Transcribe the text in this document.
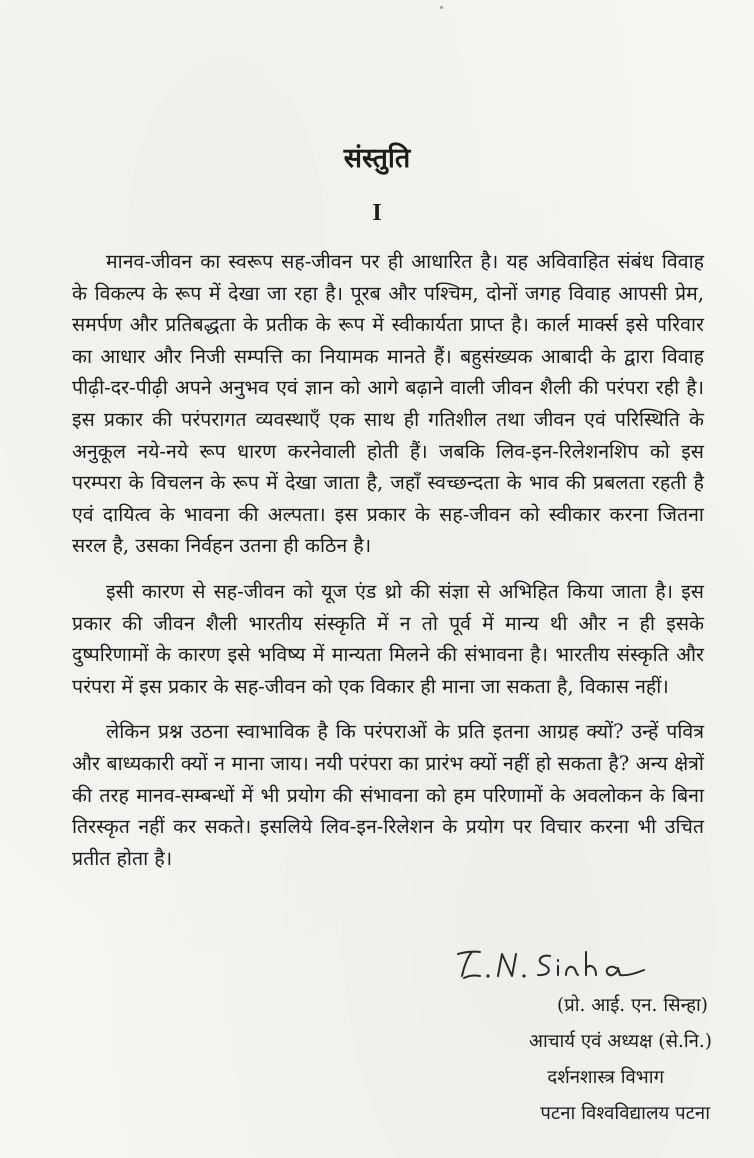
संस्तुति
I

मानव-जीवन का स्वरूप सह-जीवन पर ही आधारित है। यह अविवाहित संबंध विवाह के विकल्प के रूप में देखा जा रहा है। पूरब और पश्चिम, दोनों जगह विवाह आपसी प्रेम, समर्पण और प्रतिबद्धता के प्रतीक के रूप में स्वीकार्यता प्राप्त है। कार्ल मार्क्स इसे परिवार का आधार और निजी सम्पत्ति का नियामक मानते हैं। बहुसंख्यक आबादी के द्वारा विवाह पीढ़ी-दर-पीढ़ी अपने अनुभव एवं ज्ञान को आगे बढ़ाने वाली जीवन शैली की परंपरा रही है। इस प्रकार की परंपरागत व्यवस्थाएँ एक साथ ही गतिशील तथा जीवन एवं परिस्थिति के अनुकूल नये-नये रूप धारण करनेवाली होती हैं। जबकि लिव-इन-रिलेशनशिप को इस परम्परा के विचलन के रूप में देखा जाता है, जहाँ स्वच्छन्दता के भाव की प्रबलता रहती है एवं दायित्व के भावना की अल्पता। इस प्रकार के सह-जीवन को स्वीकार करना जितना सरल है, उसका निर्वहन उतना ही कठिन है।

इसी कारण से सह-जीवन को यूज एंड थ्रो की संज्ञा से अभिहित किया जाता है। इस प्रकार की जीवन शैली भारतीय संस्कृति में न तो पूर्व में मान्य थी और न ही इसके दुष्परिणामों के कारण इसे भविष्य में मान्यता मिलने की संभावना है। भारतीय संस्कृति और परंपरा में इस प्रकार के सह-जीवन को एक विकार ही माना जा सकता है, विकास नहीं।

लेकिन प्रश्न उठना स्वाभाविक है कि परंपराओं के प्रति इतना आग्रह क्यों? उन्हें पवित्र और बाध्यकारी क्यों न माना जाय। नयी परंपरा का प्रारंभ क्यों नहीं हो सकता है? अन्य क्षेत्रों की तरह मानव-सम्बन्धों में भी प्रयोग की संभावना को हम परिणामों के अवलोकन के बिना तिरस्कृत नहीं कर सकते। इसलिये लिव-इन-रिलेशन के प्रयोग पर विचार करना भी उचित प्रतीत होता है।

(प्रो. आई. एन. सिन्हा)
आचार्य एवं अध्यक्ष (से.नि.)
दर्शनशास्त्र विभाग
पटना विश्वविद्यालय पटना
